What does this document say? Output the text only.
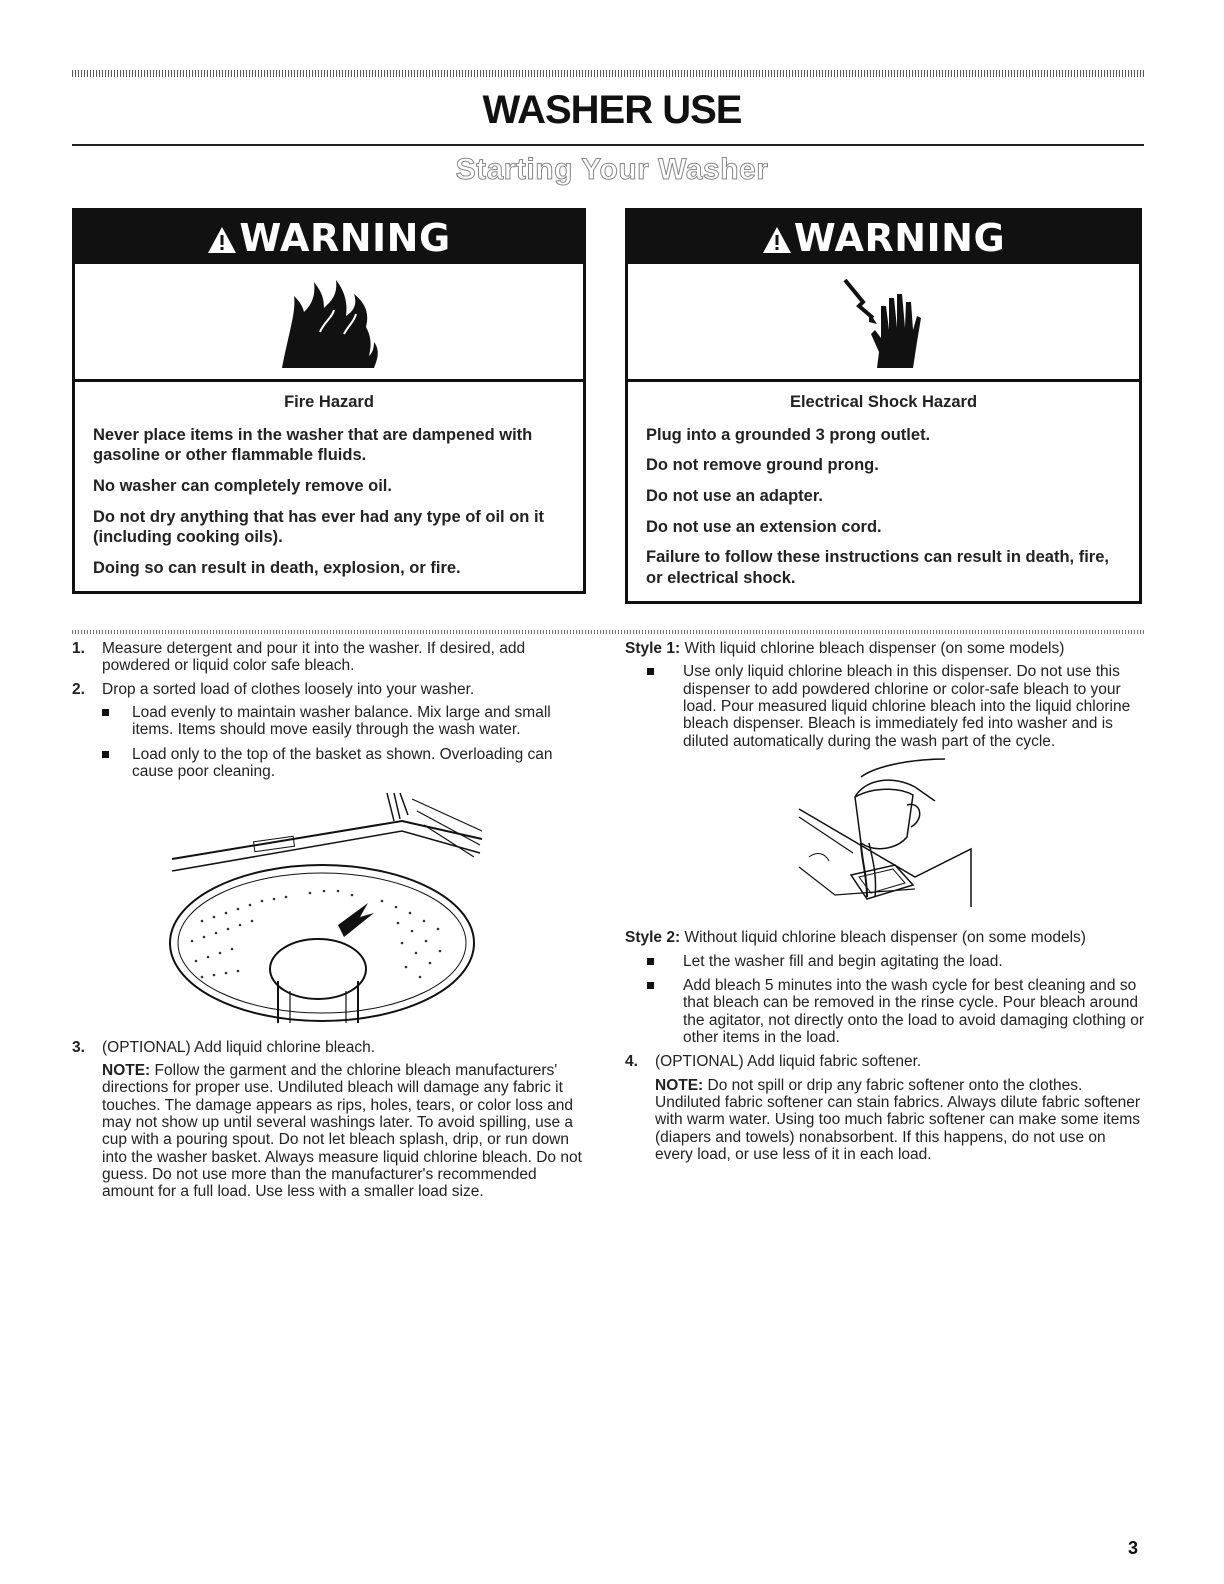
WASHER USE
Starting Your Washer
WARNING
Fire Hazard

Never place items in the washer that are dampened with gasoline or other flammable fluids.

No washer can completely remove oil.

Do not dry anything that has ever had any type of oil on it (including cooking oils).

Doing so can result in death, explosion, or fire.

WARNING
Electrical Shock Hazard

Plug into a grounded 3 prong outlet.

Do not remove ground prong.

Do not use an adapter.

Do not use an extension cord.

Failure to follow these instructions can result in death, fire, or electrical shock.

1. Measure detergent and pour it into the washer. If desired, add powdered or liquid color safe bleach.
2. Drop a sorted load of clothes loosely into your washer.
Load evenly to maintain washer balance. Mix large and small items. Items should move easily through the wash water.
Load only to the top of the basket as shown. Overloading can cause poor cleaning.
3. (OPTIONAL) Add liquid chlorine bleach.

NOTE: Follow the garment and the chlorine bleach manufacturers' directions for proper use. Undiluted bleach will damage any fabric it touches. The damage appears as rips, holes, tears, or color loss and may not show up until several washings later. To avoid spilling, use a cup with a pouring spout. Do not let bleach splash, drip, or run down into the washer basket. Always measure liquid chlorine bleach. Do not guess. Do not use more than the manufacturer's recommended amount for a full load. Use less with a smaller load size.

Style 1: With liquid chlorine bleach dispenser (on some models)

Use only liquid chlorine bleach in this dispenser. Do not use this dispenser to add powdered chlorine or color-safe bleach to your load. Pour measured liquid chlorine bleach into the liquid chlorine bleach dispenser. Bleach is immediately fed into washer and is diluted automatically during the wash part of the cycle.

Style 2: Without liquid chlorine bleach dispenser (on some models)

Let the washer fill and begin agitating the load.
Add bleach 5 minutes into the wash cycle for best cleaning and so that bleach can be removed in the rinse cycle. Pour bleach around the agitator, not directly onto the load to avoid damaging clothing or other items in the load.
4. (OPTIONAL) Add liquid fabric softener.

NOTE: Do not spill or drip any fabric softener onto the clothes. Undiluted fabric softener can stain fabrics. Always dilute fabric softener with warm water. Using too much fabric softener can make some items (diapers and towels) nonabsorbent. If this happens, do not use on every load, or use less of it in each load.

3
